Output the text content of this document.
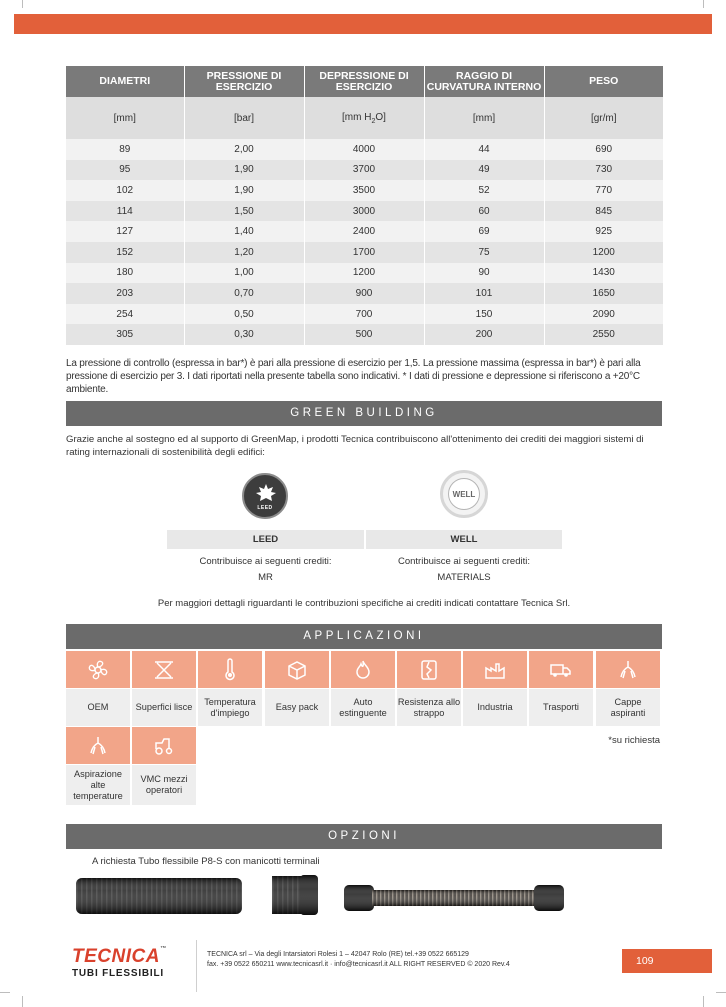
DIAMETRI	PRESSIONE DI ESERCIZIO	DEPRESSIONE DI ESERCIZIO	RAGGIO DI CURVATURA INTERNO	PESO
[mm]	[bar]	[mm $H_2O$]	[mm]	[gr/m]
89	2,00	4000	44	690
95	1,90	3700	49	730
102	1,90	3500	52	770
114	1,50	3000	60	845
127	1,40	2400	69	925
152	1,20	1700	75	1200
180	1,00	1200	90	1430
203	0,70	900	101	1650
254	0,50	700	150	2090
305	0,30	500	200	2550
La pressione di controllo (espressa in bar*) è pari alla pressione di esercizio per 1,5. La pressione massima (espressa in bar*) è pari alla pressione di esercizio per 3. I dati riportati nella presente tabella sono indicativi. * I dati di pressione e depressione si riferiscono a +20°C ambiente.
GREEN BUILDING
Grazie anche al sostegno ed al supporto di GreenMap, i prodotti Tecnica contribuiscono all'ottenimento dei crediti dei maggiori sistemi di rating internazionali di sostenibilità degli edifici:
LEED
WELL
LEED	WELL
Contribuisce ai seguenti crediti:
MR
Contribuisce ai seguenti crediti:
MATERIALS
Per maggiori dettagli riguardanti le contribuzioni specifiche ai crediti indicati contattare Tecnica Srl.
APPLICAZIONI
OEM	Superfici lisce
Temperatura d'impiego
Easy pack
Auto estinguente
Resistenza allo strappo
Industria	Trasporti
Cappe aspiranti
Aspirazione alte temperature
VMC mezzi operatori
*su richiesta
OPZIONI
A richiesta Tubo flessibile P8-S con manicotti terminali
TECNICA™
TUBI FLESSIBILI
TECNICA srl – Via degli Intarsiatori Rolesi 1 – 42047 Rolo (RE) tel.+39 0522 665129
fax. +39 0522 650211 www.tecnicasrl.it · info@tecnicasrl.it ALL RIGHT RESERVED © 2020 Rev.4	109
